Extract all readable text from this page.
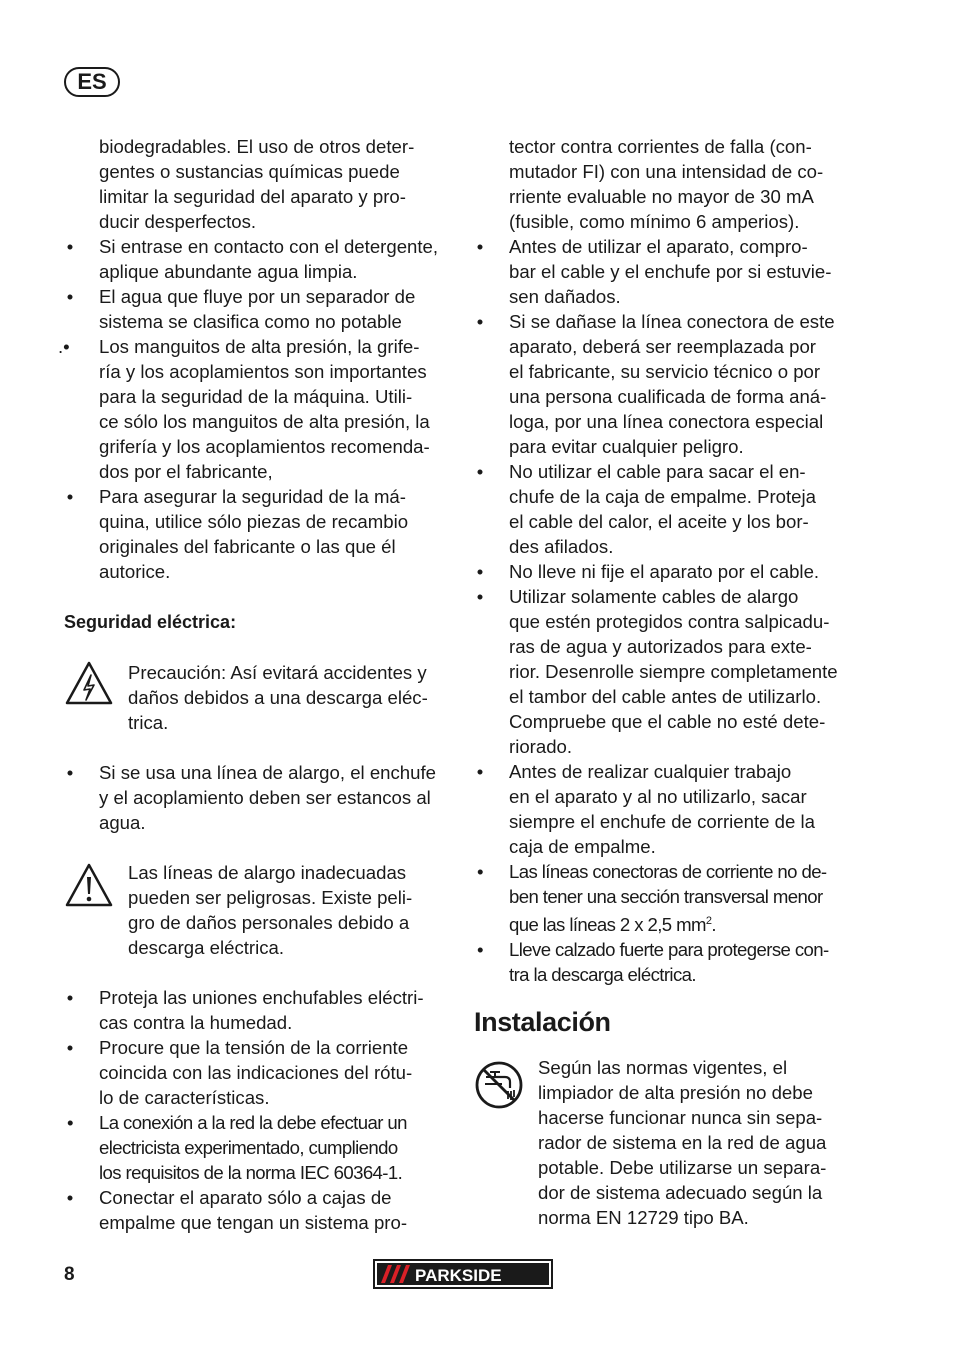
ES
biodegradables. El uso de otros deter-
gentes o sustancias químicas puede
limitar la seguridad del aparato y pro-
ducir desperfectos.
• Si entrase en contacto con el detergente,
aplique abundante agua limpia.
• El agua que fluye por un separador de
sistema se clasifica como no potable
.•	Los manguitos de alta presión, la grife-
ría y los acoplamientos son importantes
para la seguridad de la máquina. Utili-
ce sólo los manguitos de alta presión, la
grifería y los acoplamientos recomenda-
dos por el fabricante,
• Para asegurar la seguridad de la má-
quina, utilice sólo piezas de recambio
originales del fabricante o las que él
autorice.
Seguridad eléctrica:
Precaución: Así evitará accidentes y
daños debidos a una descarga eléc-
trica.
• Si se usa una línea de alargo, el enchufe
y el acoplamiento deben ser estancos al
agua.
Las líneas de alargo inadecuadas
pueden ser peligrosas. Existe peli-
gro de daños personales debido a
descarga eléctrica.
• Proteja las uniones enchufables eléctri-
cas contra la humedad.
• Procure que la tensión de la corriente
coincida con las indicaciones del rótu-
lo de características.
• La conexión a la red la debe efectuar un
electricista experimentado, cumpliendo
los requisitos de la norma IEC 60364-1.
• Conectar el aparato sólo a cajas de
empalme que tengan un sistema pro-
tector contra corrientes de falla (con-
mutador FI) con una intensidad de co-
rriente evaluable no mayor de 30 mA
(fusible, como mínimo 6 amperios).
• Antes de utilizar el aparato, compro-
bar el cable y el enchufe por si estuvie-
sen dañados.
• Si se dañase la línea conectora de este
aparato, deberá ser reemplazada por
el fabricante, su servicio técnico o por
una persona cualificada de forma aná-
loga, por una línea conectora especial
para evitar cualquier peligro.
• No utilizar el cable para sacar el en-
chufe de la caja de empalme. Proteja
el cable del calor, el aceite y los bor-
des afilados.
• No lleve ni fije el aparato por el cable.
• Utilizar solamente cables de alargo
que estén protegidos contra salpicadu-
ras de agua y autorizados para exte-
rior. Desenrolle siempre completamente
el tambor del cable antes de utilizarlo.
Compruebe que el cable no esté dete-
riorado.
• Antes de realizar cualquier trabajo
en el aparato y al no utilizarlo, sacar
siempre el enchufe de corriente de la
caja de empalme.
• Las líneas conectoras de corriente no de-
ben tener una sección transversal menor
que las líneas 2 x 2,5 $mm^2$.
• Lleve calzado fuerte para protegerse con-
tra la descarga eléctrica.
Instalación
Según las normas vigentes, el
limpiador de alta presión no debe
hacerse funcionar nunca sin sepa-
rador de sistema en la red de agua
potable. Debe utilizarse un separa-
dor de sistema adecuado según la
norma EN 12729 tipo BA.
8	PARKSIDE
